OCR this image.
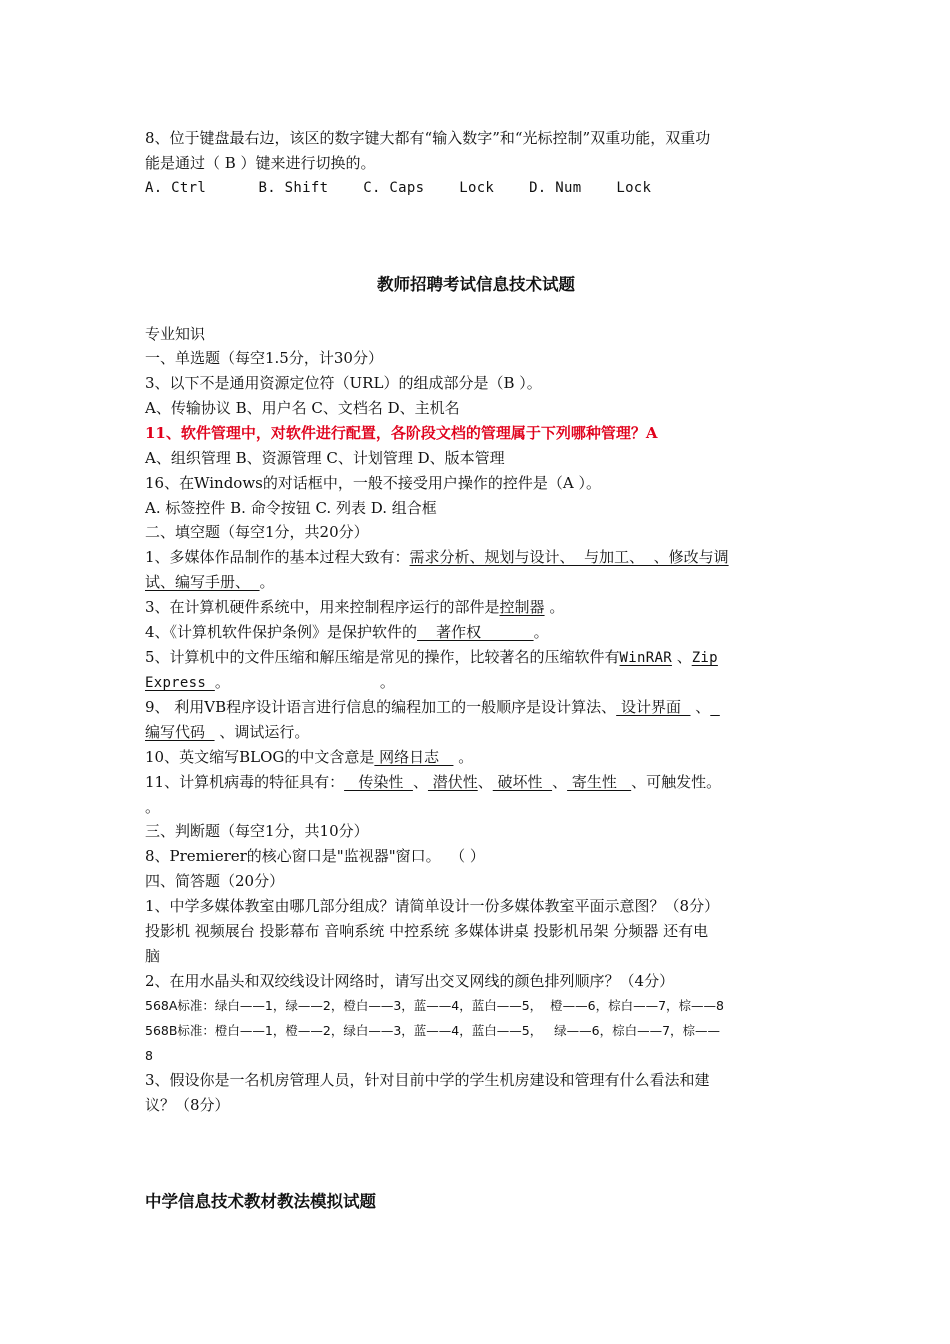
8、位于键盘最右边，该区的数字键大都有“输入数字”和“光标控制”双重功能，双重功
能是通过（ B ）键来进行切换的。
A. Ctrl      B. Shift    C. Caps    Lock    D. Num    Lock
教师招聘考试信息技术试题
专业知识
一、单选题（每空1.5分，计30分）
3、以下不是通用资源定位符（URL）的组成部分是（B ）。
A、传输协议 B、用户名 C、文档名 D、主机名
11、软件管理中，对软件进行配置，各阶段文档的管理属于下列哪种管理？A
A、组织管理 B、资源管理 C、计划管理 D、版本管理
16、在Windows的对话框中，一般不接受用户操作的控件是（A ）。
A. 标签控件 B. 命令按钮 C. 列表 D. 组合框
二、填空题（每空1分，共20分）
1、多媒体作品制作的基本过程大致有：需求分析、规划与设计、  与加工、  、修改与调
试、编写手册、  。
3、在计算机硬件系统中，用来控制程序运行的部件是控制器 。
4、《计算机软件保护条例》是保护软件的    著作权           。
5、计算机中的文件压缩和解压缩是常见的操作，比较著名的压缩软件有WinRAR 、Zip
Express 。	。
9、 利用VB程序设计语言进行信息的编程加工的一般顺序是设计算法、 设计界面   、
编写代码   、调试运行。
10、英文缩写BLOG的中文含意是 网络日志    。
11、计算机病毒的特征具有：   传染性  、 潜伏性、 破坏性  、 寄生性   、可触发性。
。
三、判断题（每空1分，共10分）
8、Premierer的核心窗口是"监视器"窗口。  （ ）
四、简答题（20分）
1、中学多媒体教室由哪几部分组成？请简单设计一份多媒体教室平面示意图？（8分）
投影机 视频展台 投影幕布 音响系统 中控系统 多媒体讲桌 投影机吊架 分频器 还有电
脑
2、在用水晶头和双绞线设计网络时，请写出交叉网线的颜色排列顺序？（4分）
568A标准：绿白——1，绿——2，橙白——3，蓝——4，蓝白——5，  橙——6，棕白——7，棕——8
568B标准：橙白——1，橙——2，绿白——3，蓝——4，蓝白——5，   绿——6，棕白——7，棕——
8
3、假设你是一名机房管理人员，针对目前中学的学生机房建设和管理有什么看法和建
议？（8分）
中学信息技术教材教法模拟试题
